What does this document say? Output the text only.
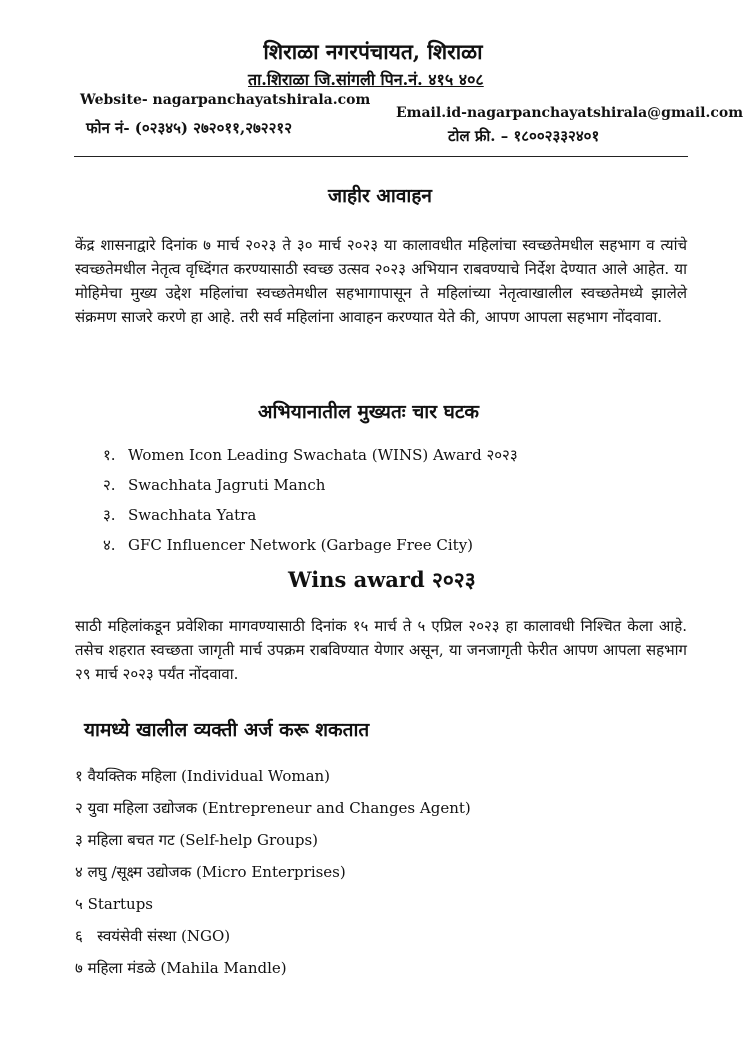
शिराळा नगरपंचायत, शिराळा
ता.शिराळा जि.सांगली पिन.नं. ४१५ ४०८
Website- nagarpanchayatshirala.com
Email.id-nagarpanchayatshirala@gmail.com
फोन नं- (०२३४५) २७२०११,२७२२१२	टोल फ्री. – १८००२३३२४०१
जाहीर आवाहन
केंद्र शासनाद्वारे दिनांक ७ मार्च २०२३ ते ३० मार्च २०२३ या कालावधीत महिलांचा स्वच्छतेमधील सहभाग व त्यांचे स्वच्छतेमधील नेतृत्व वृध्दिंगत करण्यासाठी स्वच्छ उत्सव २०२३ अभियान राबवण्याचे निर्देश देण्यात आले आहेत. या मोहिमेचा मुख्य उद्देश महिलांचा स्वच्छतेमधील सहभागापासून ते महिलांच्या नेतृत्वाखालील स्वच्छतेमध्ये झालेले संक्रमण साजरे करणे हा आहे. तरी सर्व महिलांना आवाहन करण्यात येते की, आपण आपला सहभाग नोंदवावा.
अभियानातील मुख्यतः चार घटक
१. Women Icon Leading Swachata (WINS) Award २०२३
२. Swachhata Jagruti Manch
३. Swachhata Yatra
४. GFC Influencer Network (Garbage Free City)
Wins award २०२३
साठी महिलांकडून प्रवेशिका मागवण्यासाठी दिनांक १५ मार्च ते ५ एप्रिल २०२३ हा कालावधी निश्चित केला आहे. तसेच शहरात स्वच्छता जागृती मार्च उपक्रम राबविण्यात येणार असून, या जनजागृती फेरीत आपण आपला सहभाग २९ मार्च २०२३ पर्यंत नोंदवावा.
यामध्ये खालील व्यक्ती अर्ज करू शकतात
१ वैयक्तिक महिला (Individual Woman)
२ युवा महिला उद्योजक (Entrepreneur and Changes Agent)
३ महिला बचत गट (Self-help Groups)
४ लघु /सूक्ष्म उद्योजक (Micro Enterprises)
५ Startups
६ स्वयंसेवी संस्था (NGO)
७ महिला मंडळे (Mahila Mandle)
